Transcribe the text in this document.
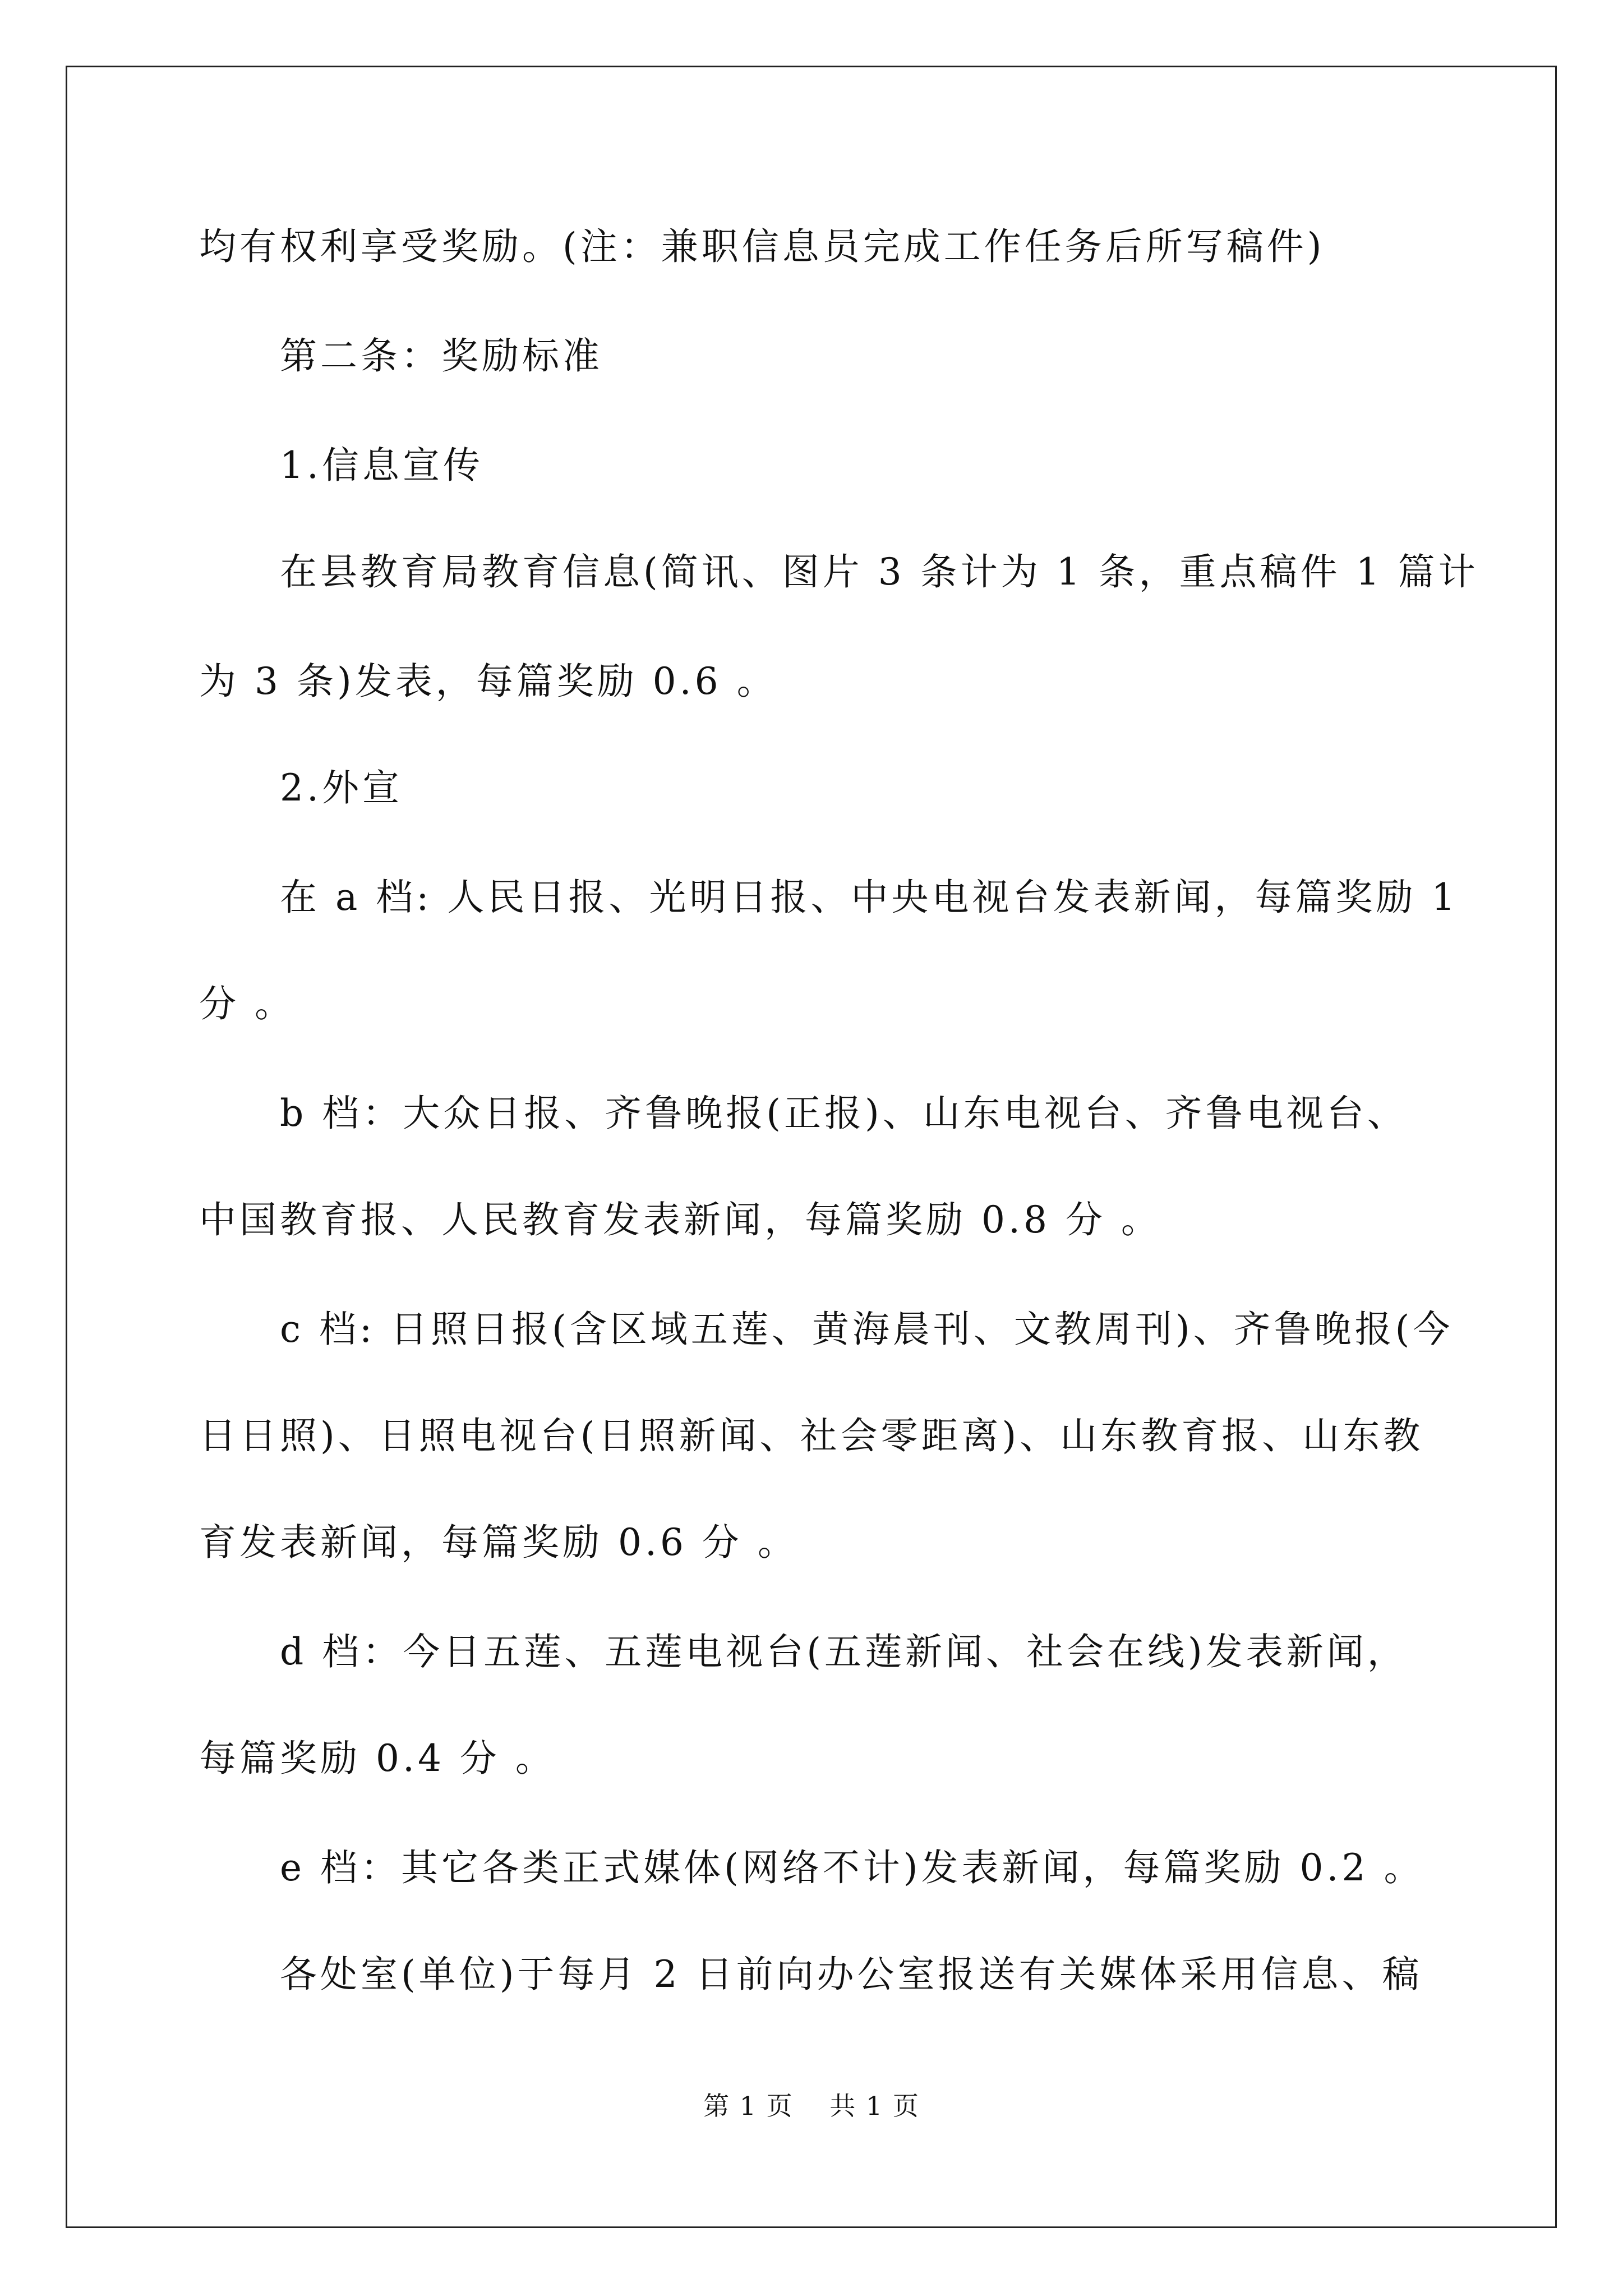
均有权利享受奖励。(注：兼职信息员完成工作任务后所写稿件)
　　第二条：奖励标准
　　1.信息宣传
　　在县教育局教育信息(简讯、图片 3 条计为 1 条，重点稿件 1 篇计
为 3 条)发表，每篇奖励 0.6 。
　　2.外宣
　　在 a 档: 人民日报、光明日报、中央电视台发表新闻，每篇奖励 1
分 。
　　b 档：大众日报、齐鲁晚报(正报)、山东电视台、齐鲁电视台、
中国教育报、人民教育发表新闻，每篇奖励 0.8 分 。
　　c 档: 日照日报(含区域五莲、黄海晨刊、文教周刊)、齐鲁晚报(今
日日照)、日照电视台(日照新闻、社会零距离)、山东教育报、山东教
育发表新闻，每篇奖励 0.6 分 。
　　d 档：今日五莲、五莲电视台(五莲新闻、社会在线)发表新闻，
每篇奖励 0.4 分 。
　　e 档：其它各类正式媒体(网络不计)发表新闻，每篇奖励 0.2 。
　　各处室(单位)于每月 2 日前向办公室报送有关媒体采用信息、稿
第 1 页　 共 1 页
